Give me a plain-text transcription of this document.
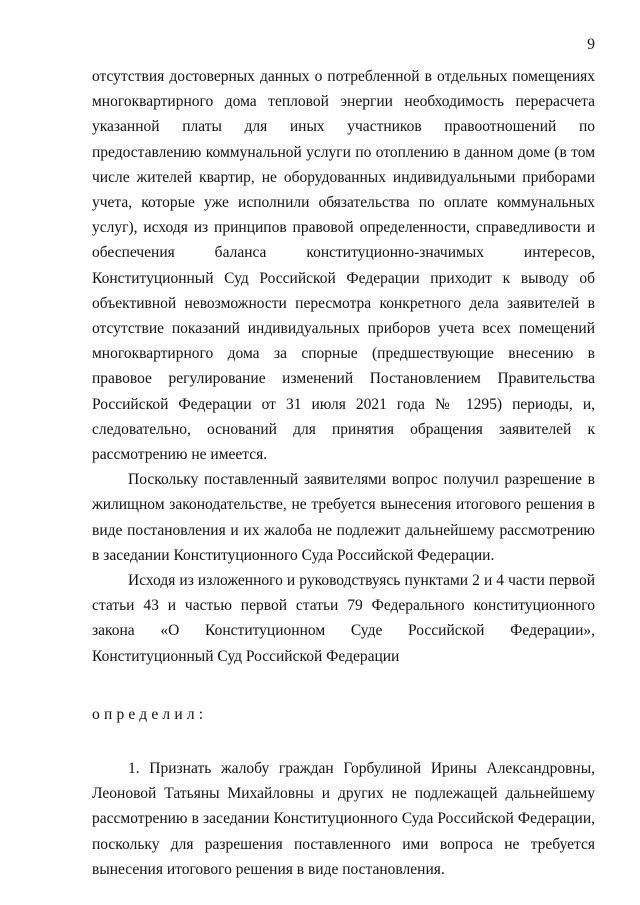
9

отсутствия достоверных данных о потребленной в отдельных помещениях многоквартирного дома тепловой энергии необходимость перерасчета указанной платы для иных участников правоотношений по предоставлению коммунальной услуги по отоплению в данном доме (в том числе жителей квартир, не оборудованных индивидуальными приборами учета, которые уже исполнили обязательства по оплате коммунальных услуг), исходя из принципов правовой определенности, справедливости и обеспечения баланса конституционно-значимых интересов, Конституционный Суд Российской Федерации приходит к выводу об объективной невозможности пересмотра конкретного дела заявителей в отсутствие показаний индивидуальных приборов учета всех помещений многоквартирного дома за спорные (предшествующие внесению в правовое регулирование изменений Постановлением Правительства Российской Федерации от 31 июля 2021 года № 1295) периоды, и, следовательно, оснований для принятия обращения заявителей к рассмотрению не имеется.

Поскольку поставленный заявителями вопрос получил разрешение в жилищном законодательстве, не требуется вынесения итогового решения в виде постановления и их жалоба не подлежит дальнейшему рассмотрению в заседании Конституционного Суда Российской Федерации.

Исходя из изложенного и руководствуясь пунктами 2 и 4 части первой статьи 43 и частью первой статьи 79 Федерального конституционного закона «О Конституционном Суде Российской Федерации», Конституционный Суд Российской Федерации

определил:

1. Признать жалобу граждан Горбулиной Ирины Александровны, Леоновой Татьяны Михайловны и других не подлежащей дальнейшему рассмотрению в заседании Конституционного Суда Российской Федерации, поскольку для разрешения поставленного ими вопроса не требуется вынесения итогового решения в виде постановления.
